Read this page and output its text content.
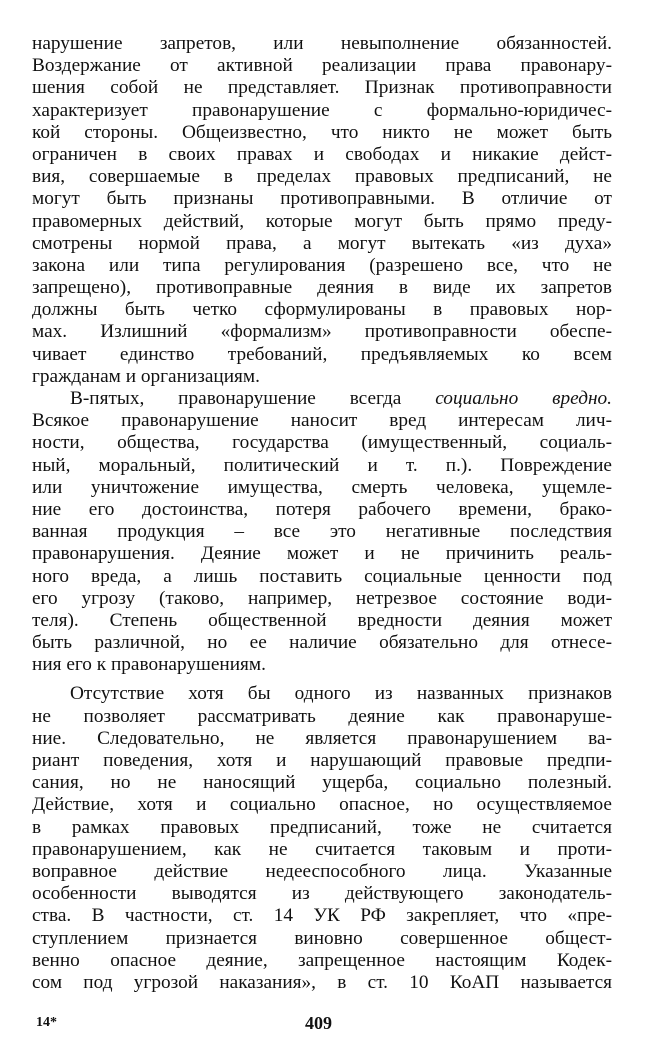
нарушение запретов, или невыполнение обязанностей.
Воздержание от активной реализации права правонару-
шения собой не представляет. Признак противоправности
характеризует правонарушение с формально-юридичес-
кой стороны. Общеизвестно, что никто не может быть
ограничен в своих правах и свободах и никакие дейст-
вия, совершаемые в пределах правовых предписаний, не
могут быть признаны противоправными. В отличие от
правомерных действий, которые могут быть прямо преду-
смотрены нормой права, а могут вытекать «из духа»
закона или типа регулирования (разрешено все, что не
запрещено), противоправные деяния в виде их запретов
должны быть четко сформулированы в правовых нор-
мах. Излишний «формализм» противоправности обеспе-
чивает единство требований, предъявляемых ко всем
гражданам и организациям.
В-пятых, правонарушение всегда социально вредно.
Всякое правонарушение наносит вред интересам лич-
ности, общества, государства (имущественный, социаль-
ный, моральный, политический и т. п.). Повреждение
или уничтожение имущества, смерть человека, ущемле-
ние его достоинства, потеря рабочего времени, брако-
ванная продукция – все это негативные последствия
правонарушения. Деяние может и не причинить реаль-
ного вреда, а лишь поставить социальные ценности под
его угрозу (таково, например, нетрезвое состояние води-
теля). Степень общественной вредности деяния может
быть различной, но ее наличие обязательно для отнесе-
ния его к правонарушениям.
Отсутствие хотя бы одного из названных признаков
не позволяет рассматривать деяние как правонаруше-
ние. Следовательно, не является правонарушением ва-
риант поведения, хотя и нарушающий правовые предпи-
сания, но не наносящий ущерба, социально полезный.
Действие, хотя и социально опасное, но осуществляемое
в рамках правовых предписаний, тоже не считается
правонарушением, как не считается таковым и проти-
воправное действие недееспособного лица. Указанные
особенности выводятся из действующего законодатель-
ства. В частности, ст. 14 УК РФ закрепляет, что «пре-
ступлением признается виновно совершенное общест-
венно опасное деяние, запрещенное настоящим Кодек-
сом под угрозой наказания», в ст. 10 КоАП называется
14*	409
